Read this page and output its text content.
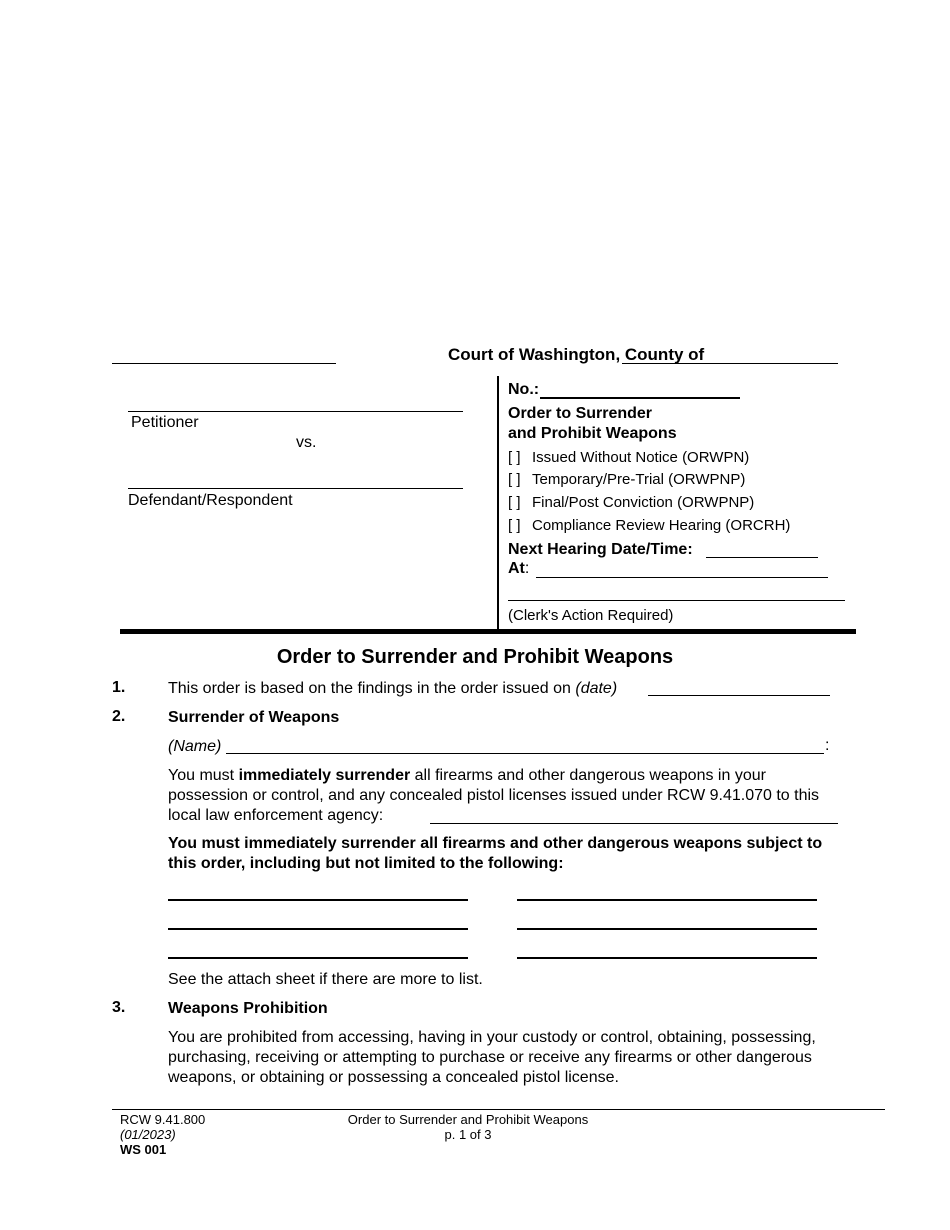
Court of Washington, County of
Petitioner
vs.
Defendant/Respondent
No.:
Order to Surrender
and Prohibit Weapons
[ ] Issued Without Notice (ORWPN)
[ ] Temporary/Pre-Trial (ORWPNP)
[ ] Final/Post Conviction (ORWPNP)
[ ] Compliance Review Hearing (ORCRH)
Next Hearing Date/Time:
At:
(Clerk's Action Required)
Order to Surrender and Prohibit Weapons
1.	This order is based on the findings in the order issued on (date)
2.	Surrender of Weapons
(Name)	:
You must immediately surrender all firearms and other dangerous weapons in your possession or control, and any concealed pistol licenses issued under RCW 9.41.070 to this local law enforcement agency:
You must immediately surrender all firearms and other dangerous weapons subject to this order, including but not limited to the following:
See the attach sheet if there are more to list.
3.	Weapons Prohibition
You are prohibited from accessing, having in your custody or control, obtaining, possessing, purchasing, receiving or attempting to purchase or receive any firearms or other dangerous weapons, or obtaining or possessing a concealed pistol license.
RCW 9.41.800
(01/2023)
WS 001
Order to Surrender and Prohibit Weapons
p. 1 of 3
